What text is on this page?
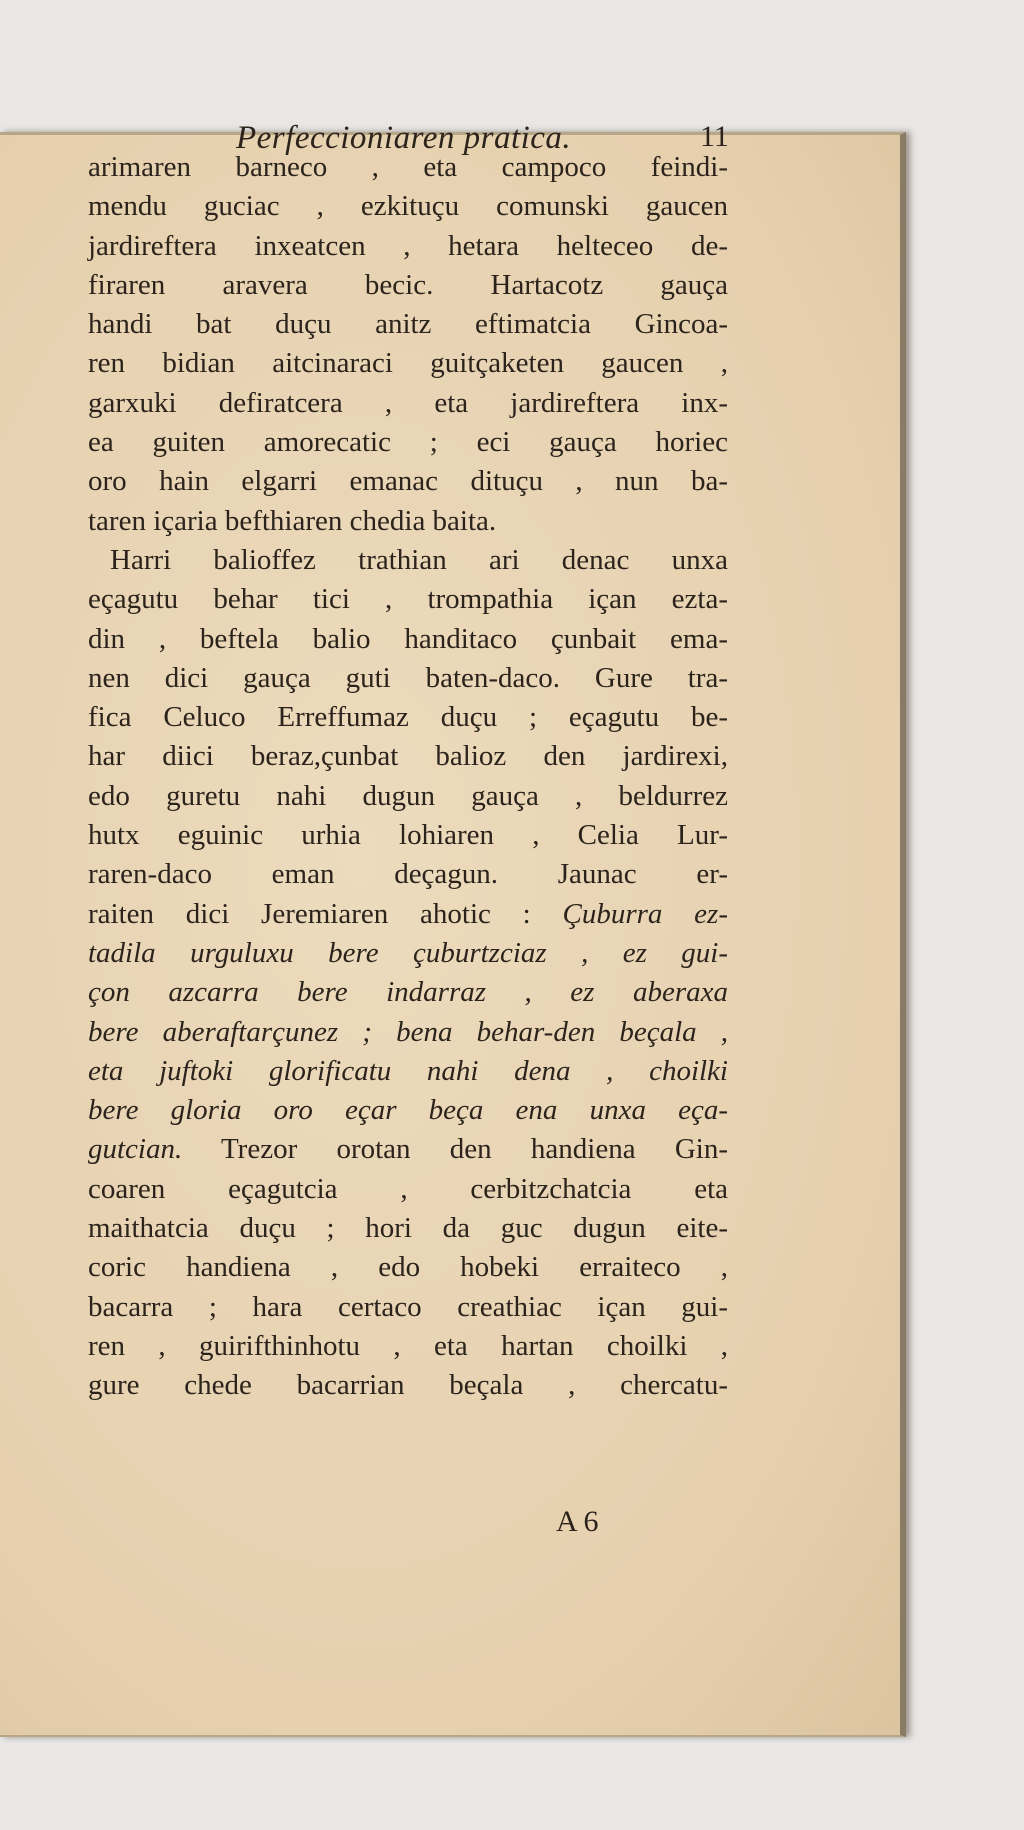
Perfeccioniaren pratica.	11
arimaren barneco , eta campoco feindi-
mendu guciac , ezkituçu comunski gaucen
jardireftera inxeatcen , hetara helteceo de-
firaren aravera becic. Hartacotz gauça
handi bat duçu anitz eftimatcia Gincoa-
ren bidian aitcinaraci guitçaketen gaucen ,
garxuki defiratcera , eta jardireftera inx-
ea guiten amorecatic ; eci gauça horiec
oro hain elgarri emanac dituçu , nun ba-
taren içaria befthiaren chedia baita.
Harri balioffez trathian ari denac unxa
eçagutu behar tici , trompathia içan ezta-
din , beftela balio handitaco çunbait ema-
nen dici gauça guti baten-daco. Gure tra-
fica Celuco Erreffumaz duçu ; eçagutu be-
har diici beraz,çunbat balioz den jardirexi,
edo guretu nahi dugun gauça , beldurrez
hutx eguinic urhia lohiaren , Celia Lur-
raren-daco eman deçagun. Jaunac er-
raiten dici Jeremiaren ahotic : Çuburra ez-
tadila urguluxu bere çuburtzciaz , ez gui-
çon azcarra bere indarraz , ez aberaxa
bere aberaftarçunez ; bena behar-den beçala ,
eta juftoki glorificatu nahi dena , choilki
bere gloria oro eçar beça ena unxa eça-
gutcian. Trezor orotan den handiena Gin-
coaren eçagutcia , cerbitzchatcia eta
maithatcia duçu ; hori da guc dugun eite-
coric handiena , edo hobeki erraiteco ,
bacarra ; hara certaco creathiac içan gui-
ren , guirifthinhotu , eta hartan choilki ,
gure chede bacarrian beçala , chercatu-
A 6
